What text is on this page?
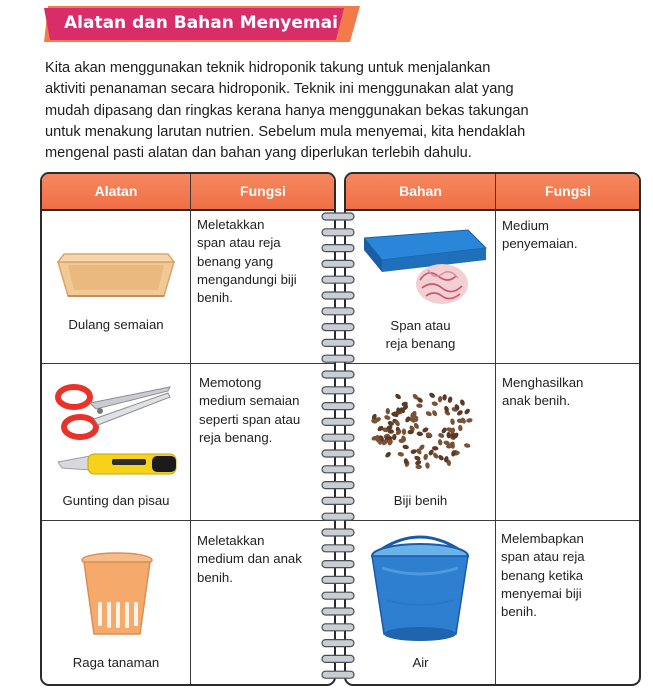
Alatan dan Bahan Menyemai

Kita akan menggunakan teknik hidroponik takung untuk menjalankan

aktiviti penanaman secara hidroponik. Teknik ini menggunakan alat yang

mudah dipasang dan ringkas kerana hanya menggunakan bekas takungan

untuk menakung larutan nutrien. Sebelum mula menyemai, kita hendaklah

mengenal pasti alatan dan bahan yang diperlukan terlebih dahulu.

Alatan	Fungsi
Dulang semaian
Meletakkan
span atau reja
benang yang
mengandungi biji
benih.
Gunting dan pisau
Memotong
medium semaian
seperti span atau
reja benang.
Raga tanaman
Meletakkan
medium dan anak
benih.
Bahan	Fungsi
Span atau
reja benang
Medium
penyemaian.
Biji benih
Menghasilkan
anak benih.
Air
Melembapkan
span atau reja
benang ketika
menyemai biji
benih.
